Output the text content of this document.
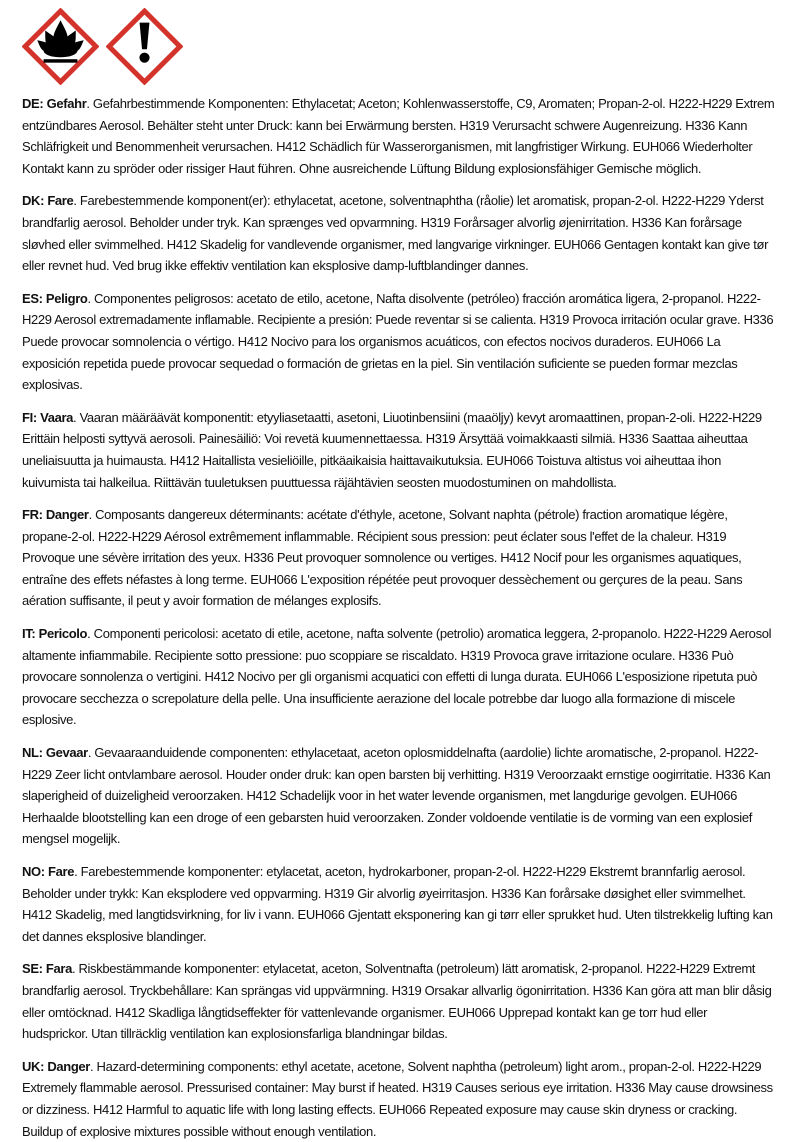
DE: Gefahr. Gefahrbestimmende Komponenten: Ethylacetat; Aceton; Kohlenwasserstoffe, C9, Aromaten; Propan-2-ol. H222-H229 Extrem entzündbares Aerosol. Behälter steht unter Druck: kann bei Erwärmung bersten. H319 Verursacht schwere Augenreizung. H336 Kann Schläfrigkeit und Benommenheit verursachen. H412 Schädlich für Wasserorganismen, mit langfristiger Wirkung. EUH066 Wiederholter Kontakt kann zu spröder oder rissiger Haut führen. Ohne ausreichende Lüftung Bildung explosionsfähiger Gemische möglich.

DK: Fare. Farebestemmende komponent(er): ethylacetat, acetone, solventnaphtha (råolie) let aromatisk, propan-2-ol. H222-H229 Yderst brandfarlig aerosol. Beholder under tryk. Kan sprænges ved opvarmning. H319 Forårsager alvorlig øjenirritation. H336 Kan forårsage sløvhed eller svimmelhed. H412 Skadelig for vandlevende organismer, med langvarige virkninger. EUH066 Gentagen kontakt kan give tør eller revnet hud. Ved brug ikke effektiv ventilation kan eksplosive damp-luftblandinger dannes.

ES: Peligro. Componentes peligrosos: acetato de etilo, acetone, Nafta disolvente (petróleo) fracción aromática ligera, 2-propanol. H222-H229 Aerosol extremadamente inflamable. Recipiente a presión: Puede reventar si se calienta. H319 Provoca irritación ocular grave. H336 Puede provocar somnolencia o vértigo. H412 Nocivo para los organismos acuáticos, con efectos nocivos duraderos. EUH066 La exposición repetida puede provocar sequedad o formación de grietas en la piel. Sin ventilación suficiente se pueden formar mezclas explosivas.

FI: Vaara. Vaaran määräävät komponentit: etyyliasetaatti, asetoni, Liuotinbensiini (maaöljy) kevyt aromaattinen, propan-2-oli. H222-H229 Erittäin helposti syttyvä aerosoli. Painesäiliö: Voi revetä kuumennettaessa. H319 Ärsyttää voimakkaasti silmiä. H336 Saattaa aiheuttaa uneliaisuutta ja huimausta. H412 Haitallista vesieliöille, pitkäaikaisia haittavaikutuksia. EUH066 Toistuva altistus voi aiheuttaa ihon kuivumista tai halkeilua. Riittävän tuuletuksen puuttuessa räjähtävien seosten muodostuminen on mahdollista.

FR: Danger. Composants dangereux déterminants: acétate d'éthyle, acetone, Solvant naphta (pétrole) fraction aromatique légère, propane-2-ol. H222-H229 Aérosol extrêmement inflammable. Récipient sous pression: peut éclater sous l'effet de la chaleur. H319 Provoque une sévère irritation des yeux. H336 Peut provoquer somnolence ou vertiges. H412 Nocif pour les organismes aquatiques, entraîne des effets néfastes à long terme. EUH066 L'exposition répétée peut provoquer dessèchement ou gerçures de la peau. Sans aération suffisante, il peut y avoir formation de mélanges explosifs.

IT: Pericolo. Componenti pericolosi: acetato di etile, acetone, nafta solvente (petrolio) aromatica leggera, 2-propanolo. H222-H229 Aerosol altamente infiammabile. Recipiente sotto pressione: puo scoppiare se riscaldato. H319 Provoca grave irritazione oculare. H336 Può provocare sonnolenza o vertigini. H412 Nocivo per gli organismi acquatici con effetti di lunga durata. EUH066 L'esposizione ripetuta può provocare secchezza o screpolature della pelle. Una insufficiente aerazione del locale potrebbe dar luogo alla formazione di miscele esplosive.

NL: Gevaar. Gevaaraanduidende componenten: ethylacetaat, aceton oplosmiddelnafta (aardolie) lichte aromatische, 2-propanol. H222-H229 Zeer licht ontvlambare aerosol. Houder onder druk: kan open barsten bij verhitting. H319 Veroorzaakt ernstige oogirritatie. H336 Kan slaperigheid of duizeligheid veroorzaken. H412 Schadelijk voor in het water levende organismen, met langdurige gevolgen. EUH066 Herhaalde blootstelling kan een droge of een gebarsten huid veroorzaken. Zonder voldoende ventilatie is de vorming van een explosief mengsel mogelijk.

NO: Fare. Farebestemmende komponenter: etylacetat, aceton, hydrokarboner, propan-2-ol. H222-H229 Ekstremt brannfarlig aerosol. Beholder under trykk: Kan eksplodere ved oppvarming. H319 Gir alvorlig øyeirritasjon. H336 Kan forårsake døsighet eller svimmelhet. H412 Skadelig, med langtidsvirkning, for liv i vann. EUH066 Gjentatt eksponering kan gi tørr eller sprukket hud. Uten tilstrekkelig lufting kan det dannes eksplosive blandinger.

SE: Fara. Riskbestämmande komponenter: etylacetat, aceton, Solventnafta (petroleum) lätt aromatisk, 2-propanol. H222-H229 Extremt brandfarlig aerosol. Tryckbehållare: Kan sprängas vid uppvärmning. H319 Orsakar allvarlig ögonirritation. H336 Kan göra att man blir dåsig eller omtöcknad. H412 Skadliga långtidseffekter för vattenlevande organismer. EUH066 Upprepad kontakt kan ge torr hud eller hudsprickor. Utan tillräcklig ventilation kan explosionsfarliga blandningar bildas.

UK: Danger. Hazard-determining components: ethyl acetate, acetone, Solvent naphtha (petroleum) light arom., propan-2-ol. H222-H229 Extremely flammable aerosol. Pressurised container: May burst if heated. H319 Causes serious eye irritation. H336 May cause drowsiness or dizziness. H412 Harmful to aquatic life with long lasting effects. EUH066 Repeated exposure may cause skin dryness or cracking. Buildup of explosive mixtures possible without enough ventilation.
